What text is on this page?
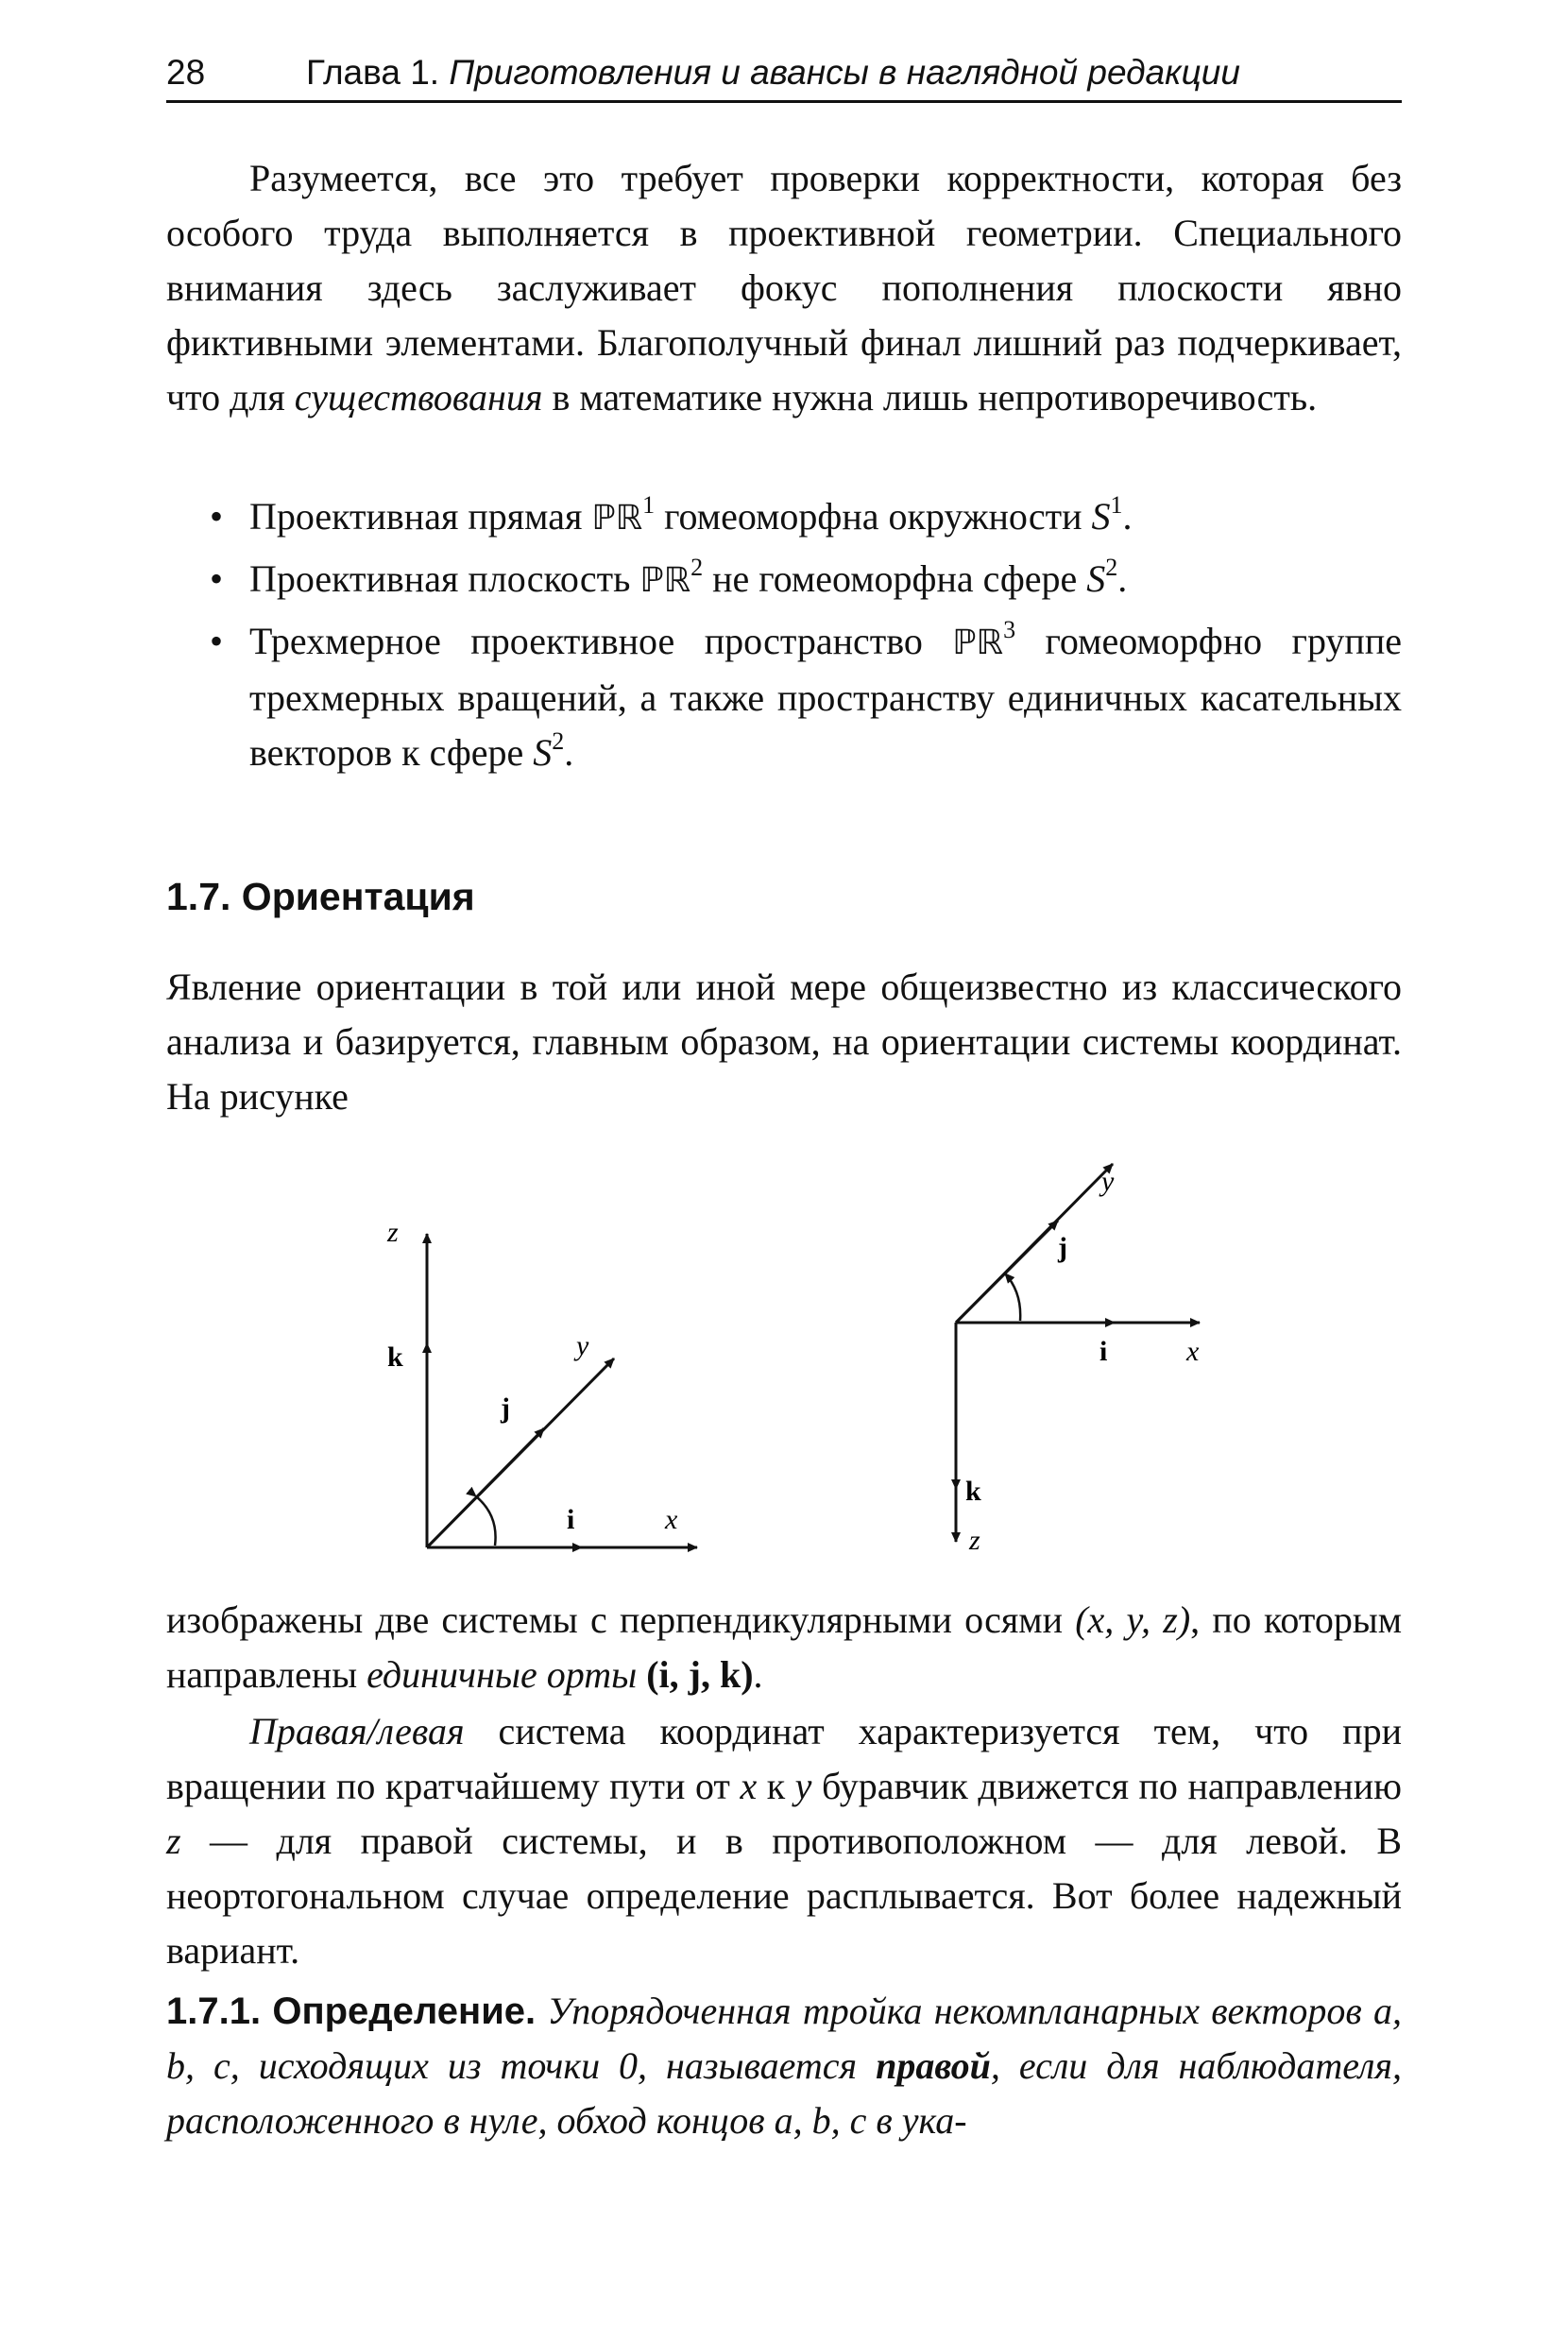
28	Глава 1. Приготовления и авансы в наглядной редакции

Разумеется, все это требует проверки корректности, которая без особого труда выполняется в проективной геометрии. Специального внимания здесь заслуживает фокус пополнения плоскости явно фиктивными элементами. Благополучный финал лишний раз подчеркивает, что для существования в математике нужна лишь непротиворечивость.

• Проективная прямая ℙℝ$^1$ гомеоморфна окружности $S^1$.
• Проективная плоскость ℙℝ$^2$ не гомеоморфна сфере $S^2$.
• Трехмерное проективное пространство ℙℝ$^3$ гомеоморфно группе трехмерных вращений, а также пространству единичных касательных векторов к сфере $S^2$.
1.7. Ориентация

Явление ориентации в той или иной мере общеизвестно из классического анализа и базируется, главным образом, на ориентации системы координат. На рисунке

z
k	y
j
i	x
y
j
i	x
k
z

изображены две системы с перпендикулярными осями (x, y, z), по которым направлены единичные орты (i, j, k).

Правая/левая система координат характеризуется тем, что при вращении по кратчайшему пути от x к y буравчик движется по направлению z — для правой системы, и в противоположном — для левой. В неортогональном случае определение расплывается. Вот более надежный вариант.

1.7.1. Определение. Упорядоченная тройка некомпланарных векторов a, b, c, исходящих из точки 0, называется правой, если для наблюдателя, расположенного в нуле, обход концов a, b, c в ука-
